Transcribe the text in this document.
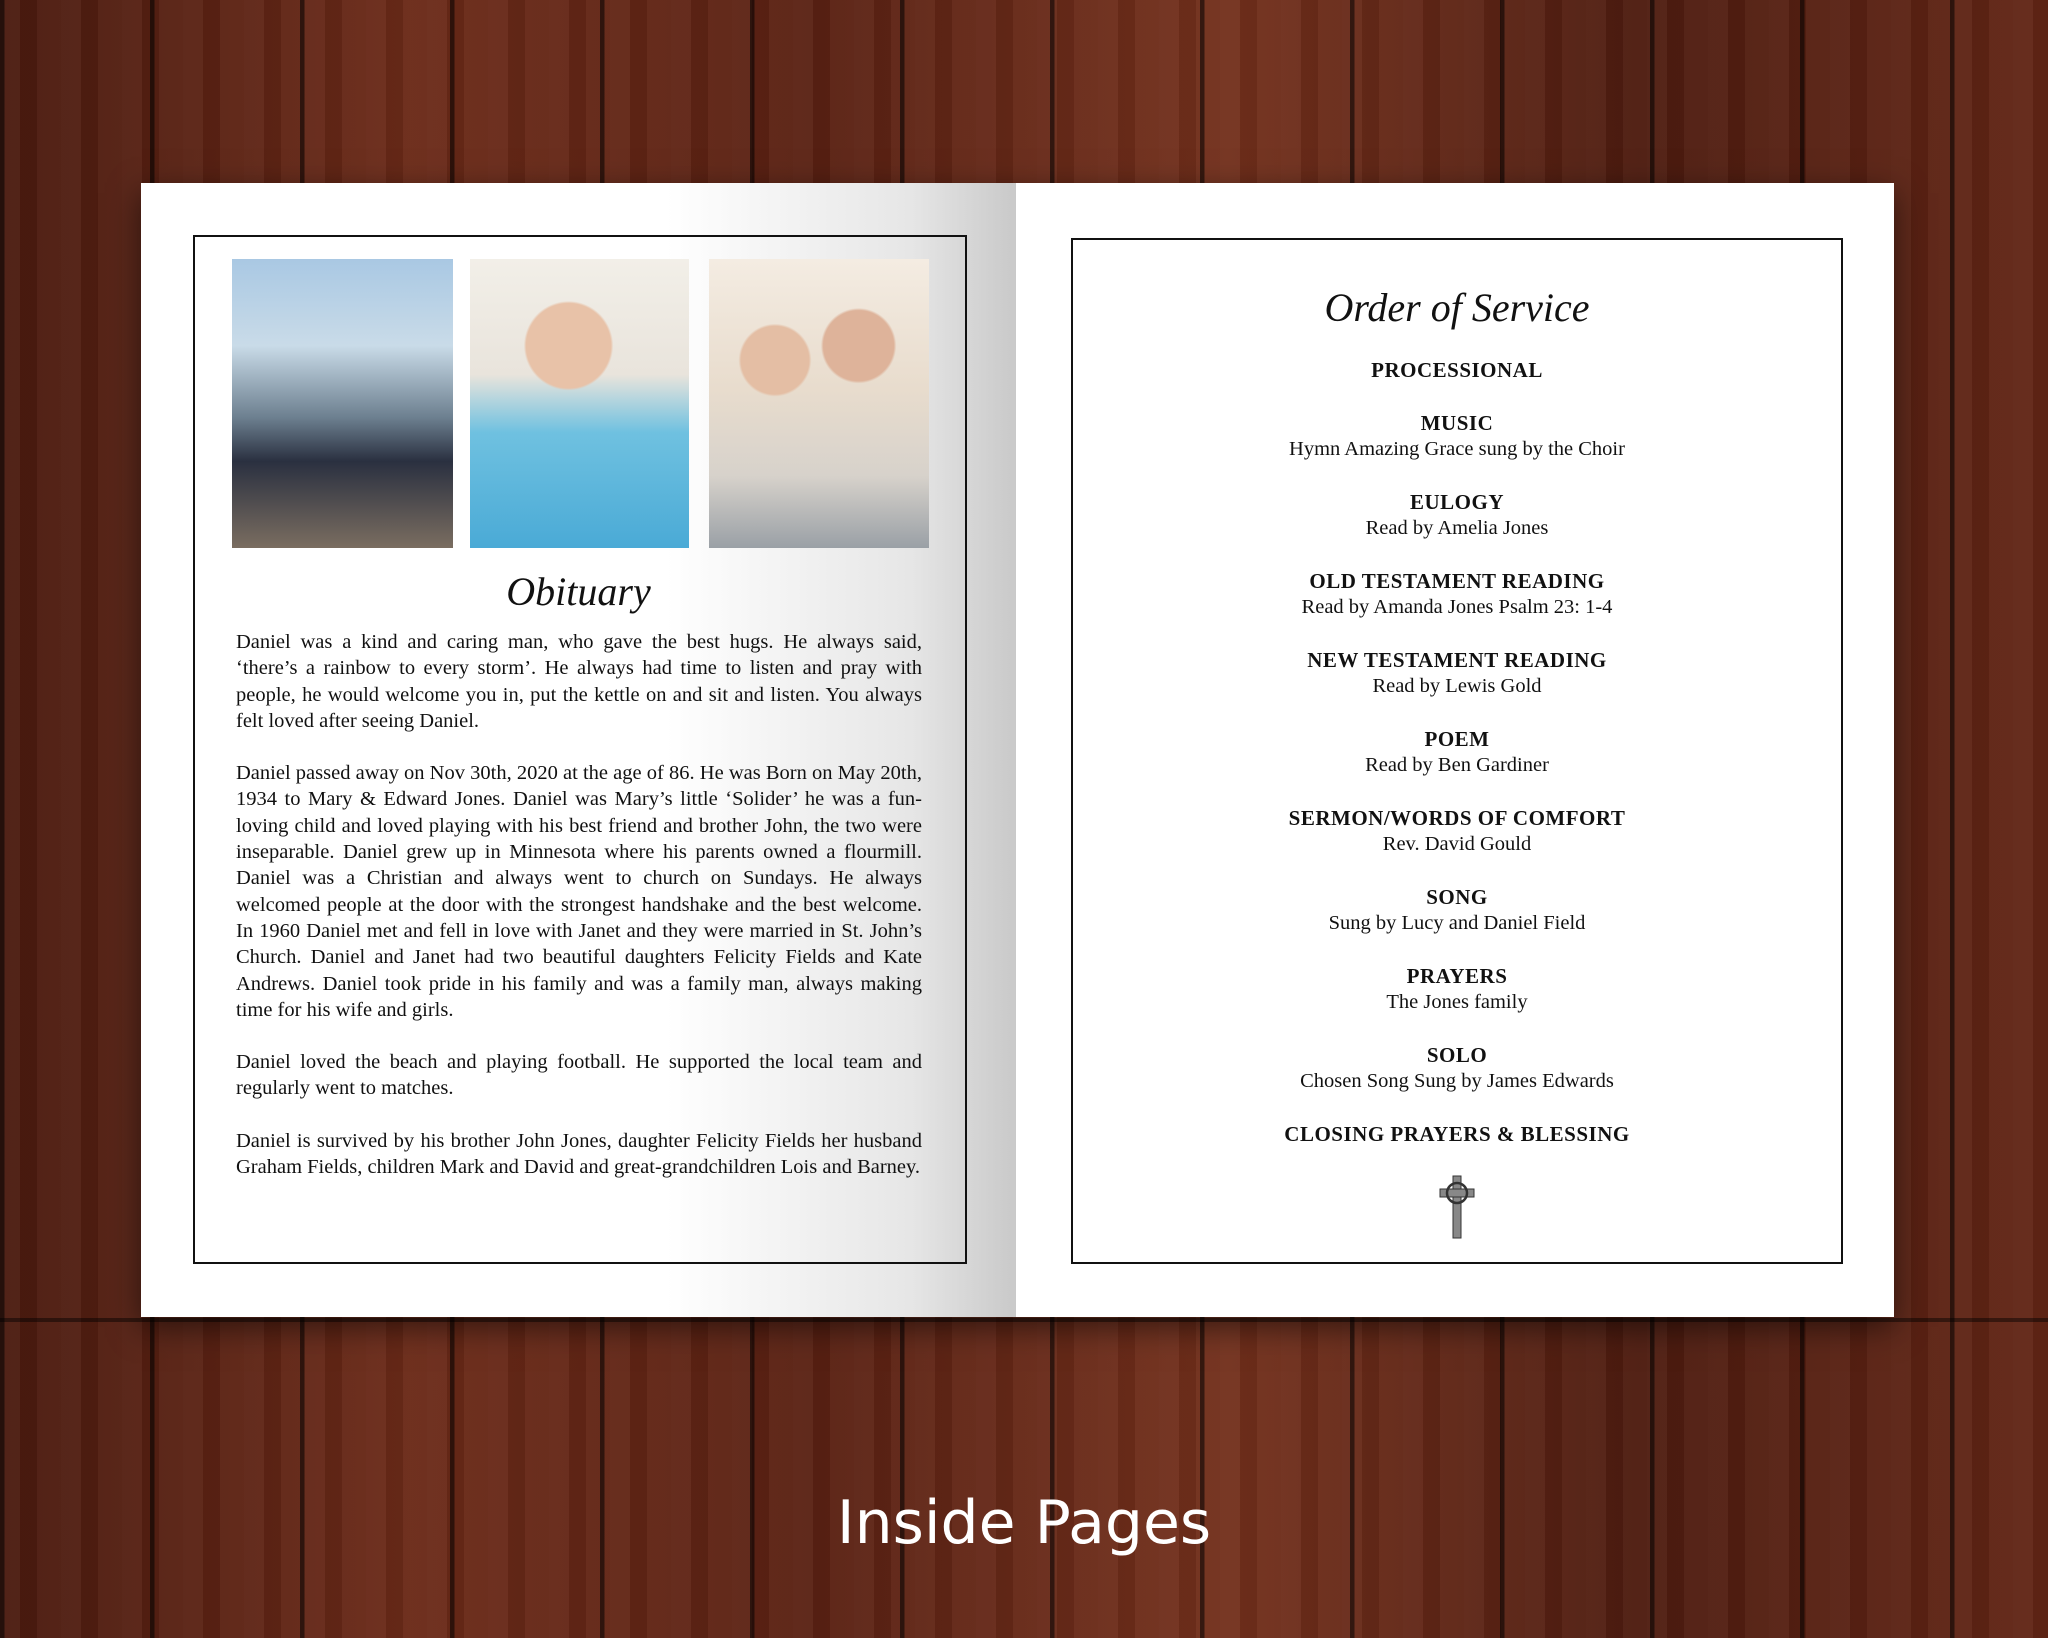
Obituary

Daniel was a kind and caring man, who gave the best hugs. He always said, ‘there’s a rainbow to every storm’. He always had time to listen and pray with people, he would welcome you in, put the kettle on and sit and listen. You always felt loved after seeing Daniel.

Daniel passed away on Nov 30th, 2020 at the age of 86. He was Born on May 20th, 1934 to Mary & Edward Jones. Daniel was Mary’s little ‘Solider’ he was a fun-loving child and loved playing with his best friend and brother John, the two were inseparable. Daniel grew up in Minnesota where his parents owned a flourmill. Daniel was a Christian and always went to church on Sundays. He always welcomed people at the door with the strongest handshake and the best welcome. In 1960 Daniel met and fell in love with Janet and they were married in St. John’s Church. Daniel and Janet had two beautiful daughters Felicity Fields and Kate Andrews. Daniel took pride in his family and was a family man, always making time for his wife and girls.

Daniel loved the beach and playing football. He supported the local team and regularly went to matches.

Daniel is survived by his brother John Jones, daughter Felicity Fields her husband Graham Fields, children Mark and David and great-grandchildren Lois and Barney.

Order of Service
PROCESSIONAL
MUSIC
Hymn Amazing Grace sung by the Choir
EULOGY
Read by Amelia Jones
OLD TESTAMENT READING
Read by Amanda Jones Psalm 23: 1-4
NEW TESTAMENT READING
Read by Lewis Gold
POEM
Read by Ben Gardiner
SERMON/WORDS OF COMFORT
Rev. David Gould
SONG
Sung by Lucy and Daniel Field
PRAYERS
The Jones family
SOLO
Chosen Song Sung by James Edwards
CLOSING PRAYERS & BLESSING
Inside Pages
